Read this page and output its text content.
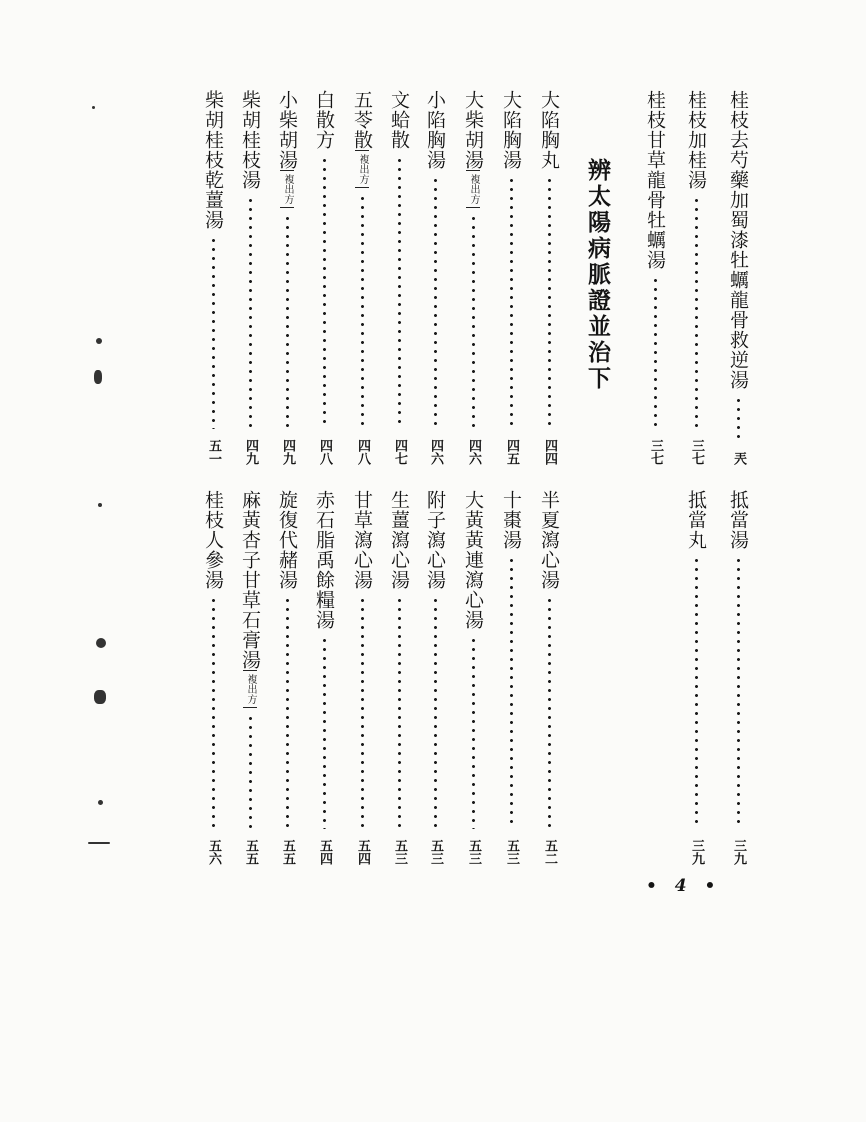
桂枝去芍藥加蜀漆牡蠣龍骨救逆湯
兲
桂枝加桂湯
三七
桂枝甘草龍骨牡蠣湯
三七
辨太陽病脈證並治下
大陷胸丸
四四
大陷胸湯
四五
大柴胡湯
複出方
四六
小陷胸湯
四六
文蛤散
四七
五苓散
複出方
四八
白散方
四八
小柴胡湯
複出方
四九
柴胡桂枝湯
四九
柴胡桂枝乾薑湯
五一
抵當湯
三九
抵當丸
三九
半夏瀉心湯
五二
十棗湯
五三
大黃黃連瀉心湯
五三
附子瀉心湯
五三
生薑瀉心湯
五三
甘草瀉心湯
五四
赤石脂禹餘糧湯
五四
旋復代赭湯
五五
麻黃杏子甘草石膏湯
複出方
五五
桂枝人參湯
五六
• 4 •
